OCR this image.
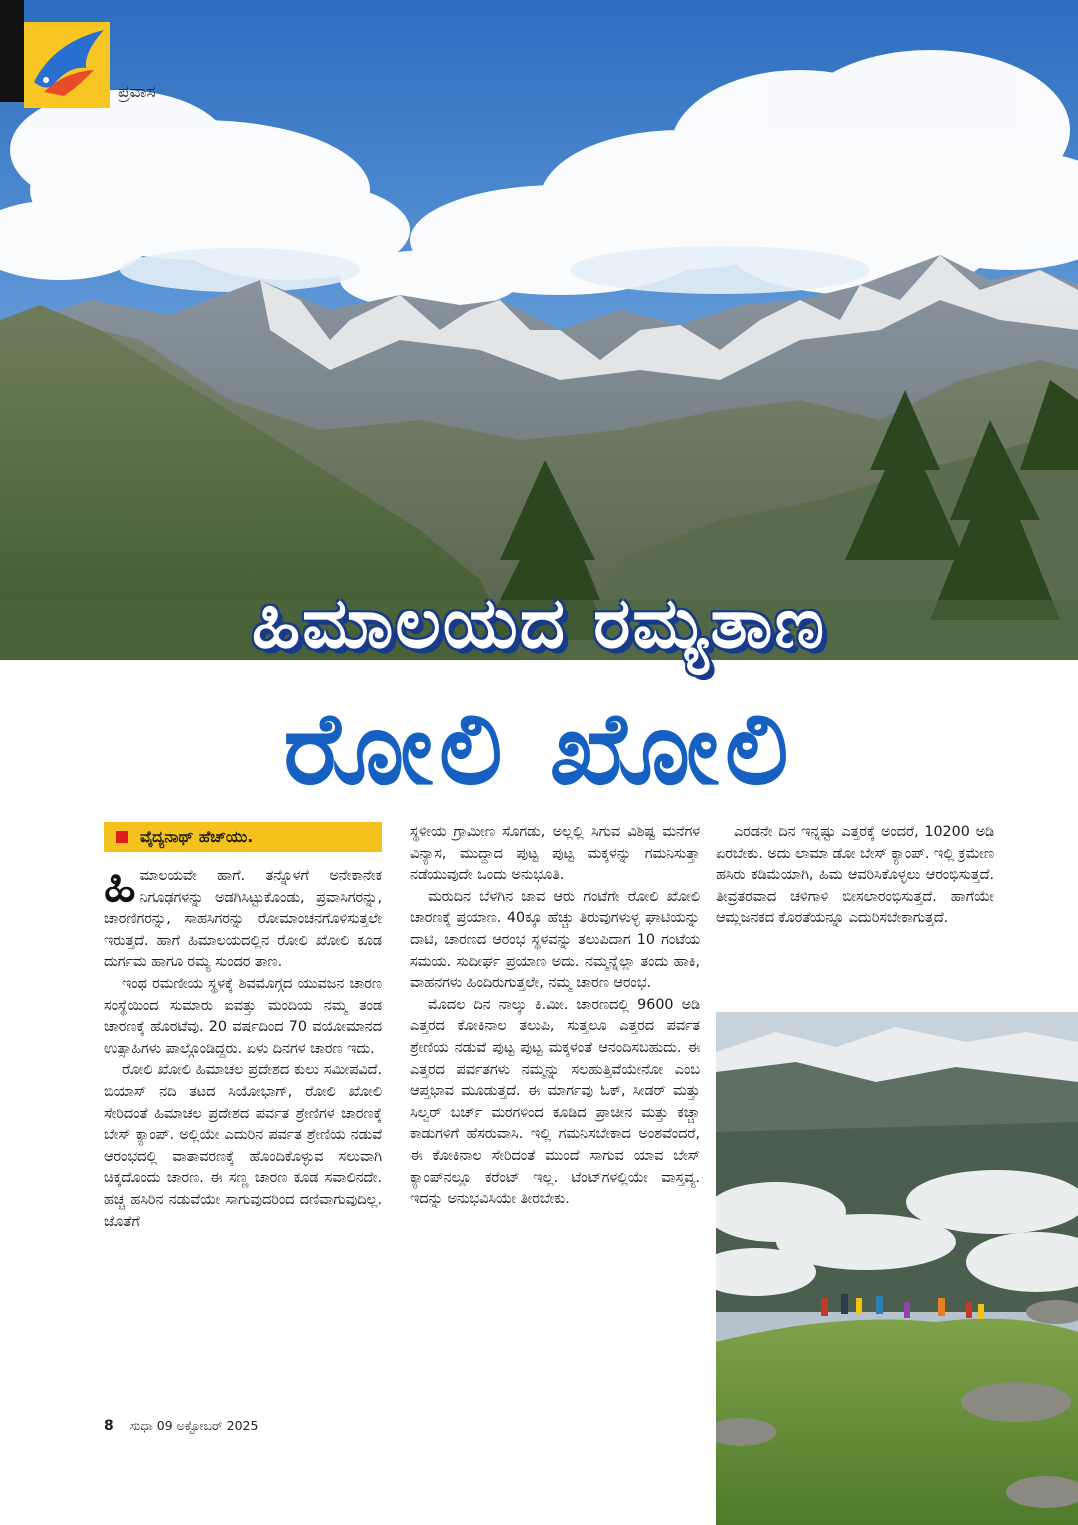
ಪ್ರವಾಸ
ಹಿಮಾಲಯದ ರಮ್ಯತಾಣ
ರೋಲಿ ಖೋಲಿ
ವೈದ್ಯನಾಥ್ ಹೆಚ್‌ಯು.

ಹಿಮಾಲಯವೇ ಹಾಗೆ. ತನ್ನೊಳಗೆ ಅನೇಕಾನೇಕ ನಿಗೂಢಗಳನ್ನು ಅಡಗಿಸಿಟ್ಟುಕೊಂಡು, ಪ್ರವಾಸಿಗರನ್ನು, ಚಾರಣಿಗರನ್ನು, ಸಾಹಸಿಗರನ್ನು ರೋಮಾಂಚನಗೊಳಿಸುತ್ತಲೇ ಇರುತ್ತದೆ. ಹಾಗೆ ಹಿಮಾಲಯದಲ್ಲಿನ ರೋಲಿ ಖೋಲಿ ಕೂಡ ದುರ್ಗಮ ಹಾಗೂ ರಮ್ಯ ಸುಂದರ ತಾಣ.

ಇಂಥ ರಮಣೀಯ ಸ್ಥಳಕ್ಕೆ ಶಿವಮೊಗ್ಗದ ಯುವಜನ ಚಾರಣ ಸಂಸ್ಥೆಯಿಂದ ಸುಮಾರು ಐವತ್ತು ಮಂದಿಯ ನಮ್ಮ ತಂಡ ಚಾರಣಕ್ಕೆ ಹೊರಟೆವು. 20 ವರ್ಷದಿಂದ 70 ವಯೋಮಾನದ ಉತ್ಸಾಹಿಗಳು ಪಾಲ್ಗೊಂಡಿದ್ದರು. ಏಳು ದಿನಗಳ ಚಾರಣ ಇದು.

ರೋಲಿ ಖೋಲಿ ಹಿಮಾಚಲ ಪ್ರದೇಶದ ಕುಲು ಸಮೀಪವಿದೆ. ಬಿಯಾಸ್ ನದಿ ತಟದ ಸಿಯೋಭಾಗ್, ರೋಲಿ ಖೋಲಿ ಸೇರಿದಂತೆ ಹಿಮಾಚಲ ಪ್ರದೇಶದ ಪರ್ವತ ಶ್ರೇಣಿಗಳ ಚಾರಣಕ್ಕೆ ಬೇಸ್ ಕ್ಯಾಂಪ್. ಅಲ್ಲಿಯೇ ಎದುರಿನ ಪರ್ವತ ಶ್ರೇಣಿಯ ನಡುವೆ ಆರಂಭದಲ್ಲಿ ವಾತಾವರಣಕ್ಕೆ ಹೊಂದಿಕೊಳ್ಳುವ ಸಲುವಾಗಿ ಚಿಕ್ಕದೊಂದು ಚಾರಣ. ಈ ಸಣ್ಣ ಚಾರಣ ಕೂಡ ಸವಾಲಿನದೇ. ಹಚ್ಚ ಹಸಿರಿನ ನಡುವೆಯೇ ಸಾಗುವುದರಿಂದ ದಣಿವಾಗುವುದಿಲ್ಲ. ಜೊತೆಗೆ

ಸ್ಥಳೀಯ ಗ್ರಾಮೀಣ ಸೊಗಡು, ಅಲ್ಲಲ್ಲಿ ಸಿಗುವ ವಿಶಿಷ್ಟ ಮನೆಗಳ ವಿನ್ಯಾಸ, ಮುದ್ದಾದ ಪುಟ್ಟ ಪುಟ್ಟ ಮಕ್ಕಳನ್ನು ಗಮನಿಸುತ್ತಾ ನಡೆಯುವುದೇ ಒಂದು ಅನುಭೂತಿ.

ಮರುದಿನ ಬೆಳಗಿನ ಜಾವ ಆರು ಗಂಟೆಗೇ ರೋಲಿ ಖೋಲಿ ಚಾರಣಕ್ಕೆ ಪ್ರಯಾಣ. 40ಕ್ಕೂ ಹೆಚ್ಚು ತಿರುವುಗಳುಳ್ಳ ಘಾಟಿಯನ್ನು ದಾಟಿ, ಚಾರಣದ ಆರಂಭ ಸ್ಥಳವನ್ನು ತಲುಪಿದಾಗ 10 ಗಂಟೆಯ ಸಮಯ. ಸುದೀರ್ಘ ಪ್ರಯಾಣ ಅದು. ನಮ್ಮನ್ನೆಲ್ಲಾ ತಂದು ಹಾಕಿ, ವಾಹನಗಳು ಹಿಂದಿರುಗುತ್ತಲೇ, ನಮ್ಮ ಚಾರಣ ಆರಂಭ.

ಮೊದಲ ದಿನ ನಾಲ್ಕು ಕಿ.ಮೀ. ಚಾರಣದಲ್ಲಿ 9600 ಅಡಿ ಎತ್ತರದ ಕೋಕಿನಾಲ ತಲುಪಿ, ಸುತ್ತಲೂ ಎತ್ತರದ ಪರ್ವತ ಶ್ರೇಣಿಯ ನಡುವೆ ಪುಟ್ಟ ಪುಟ್ಟ ಮಕ್ಕಳಂತೆ ಆನಂದಿಸಬಹುದು. ಈ ಎತ್ತರದ ಪರ್ವತಗಳು ನಮ್ಮನ್ನು ಸಲಹುತ್ತಿವೆಯೇನೋ ಎಂಬ ಆಪ್ತಭಾವ ಮೂಡುತ್ತದೆ. ಈ ಮಾರ್ಗವು ಓಕ್, ಸೀಡರ್ ಮತ್ತು ಸಿಲ್ವರ್ ಬರ್ಚ್ ಮರಗಳಿಂದ ಕೂಡಿದ ಪ್ರಾಚೀನ ಮತ್ತು ಕಚ್ಚಾ ಕಾಡುಗಳಿಗೆ ಹೆಸರುವಾಸಿ. ಇಲ್ಲಿ ಗಮನಿಸಬೇಕಾದ ಅಂಶವೆಂದರೆ, ಈ ಕೋಕಿನಾಲ ಸೇರಿದಂತೆ ಮುಂದೆ ಸಾಗುವ ಯಾವ ಬೇಸ್ ಕ್ಯಾಂಪ್‌ನಲ್ಲೂ ಕರೆಂಟ್ ಇಲ್ಲ. ಟೆಂಟ್‌ಗಳಲ್ಲಿಯೇ ವಾಸ್ತವ್ಯ. ಇದನ್ನು ಅನುಭವಿಸಿಯೇ ತೀರಬೇಕು.

ಎರಡನೇ ದಿನ ಇನ್ನಷ್ಟು ಎತ್ತರಕ್ಕೆ ಅಂದರೆ, 10200 ಅಡಿ ಏರಬೇಕು. ಅದು ಲಾಮಾ ಡೋ ಬೇಸ್ ಕ್ಯಾಂಪ್. ಇಲ್ಲಿ ಕ್ರಮೇಣ ಹಸಿರು ಕಡಿಮೆಯಾಗಿ, ಹಿಮ ಆವರಿಸಿಕೊಳ್ಳಲು ಆರಂಭಿಸುತ್ತದೆ. ತೀವ್ರತರವಾದ ಚಳಿಗಾಳಿ ಬೀಸಲಾರಂಭಿಸುತ್ತದೆ. ಹಾಗೆಯೇ ಆಮ್ಲಜನಕದ ಕೊರತೆಯನ್ನೂ ಎದುರಿಸಬೇಕಾಗುತ್ತದೆ.

8 ಸುಧಾ 09 ಅಕ್ಟೋಬರ್ 2025
